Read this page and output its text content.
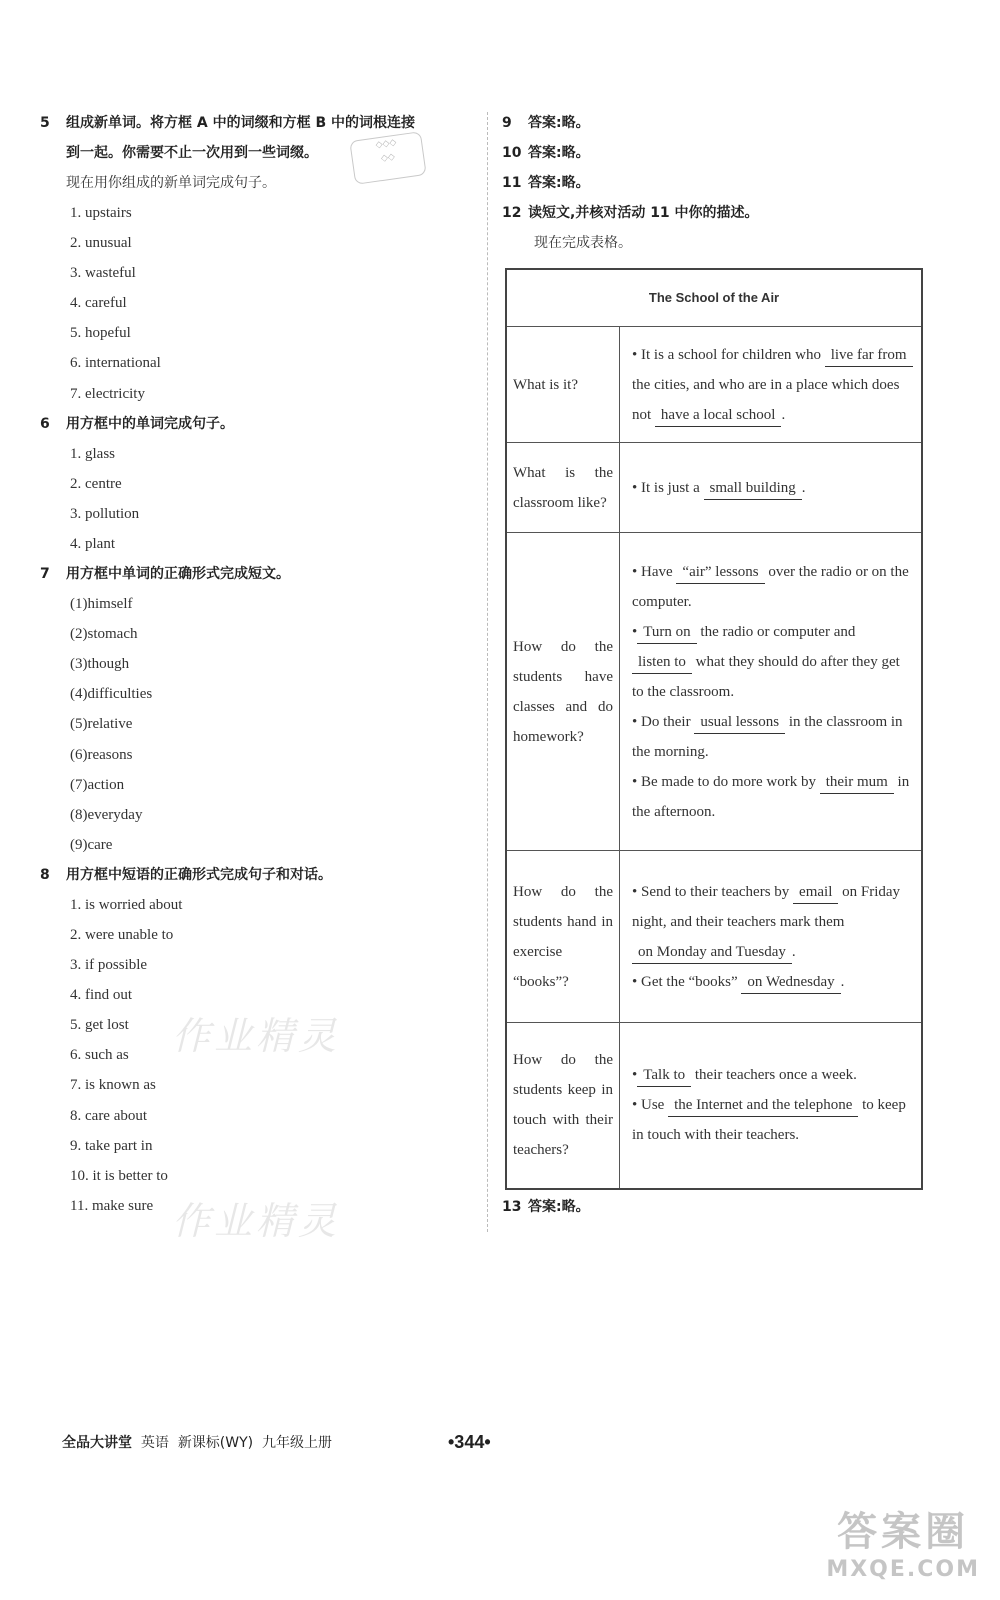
◇◇◇
◇◇
5 组成新单词。将方框 A 中的词缀和方框 B 中的词根连接
到一起。你需要不止一次用到一些词缀。
现在用你组成的新单词完成句子。
1. upstairs
2. unusual
3. wasteful
4. careful
5. hopeful
6. international
7. electricity
6 用方框中的单词完成句子。
1. glass
2. centre
3. pollution
4. plant
7 用方框中单词的正确形式完成短文。
(1)himself
(2)stomach
(3)though
(4)difficulties
(5)relative
(6)reasons
(7)action
(8)everyday
(9)care
8 用方框中短语的正确形式完成句子和对话。
1. is worried about
2. were unable to
3. if possible
4. find out
5. get lost
6. such as
7. is known as
8. care about
9. take part in
10. it is better to
11. make sure
作业精灵
作业精灵
9 答案:略。
10 答案:略。
11 答案:略。
12 读短文,并核对活动 11 中你的描述。
现在完成表格。
The School of the Air	
What is it?	• It is a school for children who live far from the cities, and who are in a place which does not have a local school .
What is the classroom like?	• It is just a small building .
How do the students have classes and do homework?	• Have “air” lessons over the radio or on the computer.
• Turn on the radio or computer and listen to what they should do after they get to the classroom.
• Do their usual lessons in the classroom in the morning.
• Be made to do more work by their mum in the afternoon.

How do the students hand in exercise “books”?	• Send to their teachers by email on Friday night, and their teachers mark them on Monday and Tuesday .
• Get the “books” on Wednesday .

How do the students keep in touch with their teachers?	• Talk to their teachers once a week.
• Use the Internet and the telephone to keep in touch with their teachers.
13 答案:略。
全品大讲堂 英语 新课标(WY) 九年级上册	•344•
答案圈
MXQE.COM
